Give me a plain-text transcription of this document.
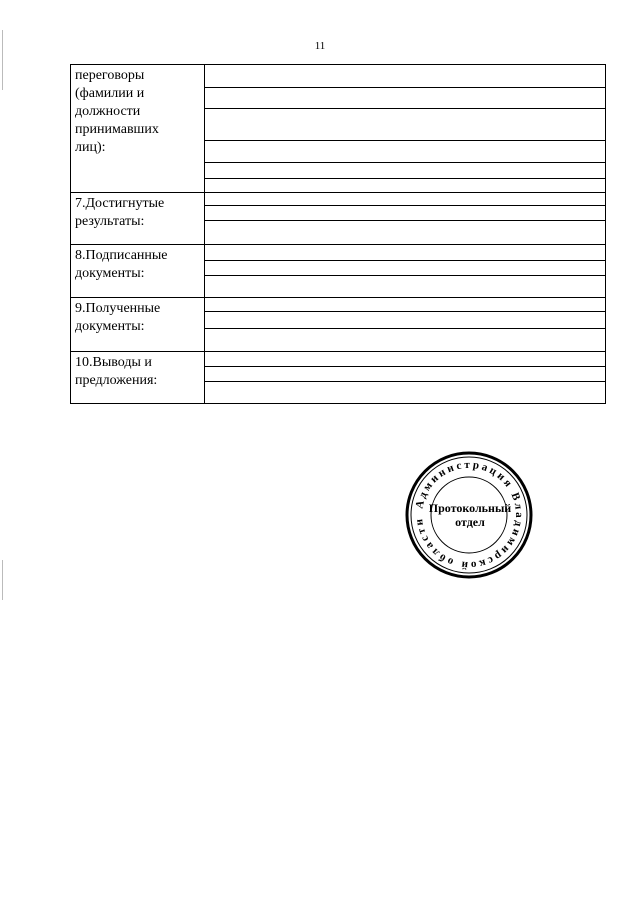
11
переговоры
(фамилии и
должности
принимавших
лиц):	

7.Достигнутые
результаты:	

8.Подписанные
документы:	

9.Полученные
документы:	

10.Выводы и
предложения:	
Администрация Владимирской области
Протокольный
отдел
